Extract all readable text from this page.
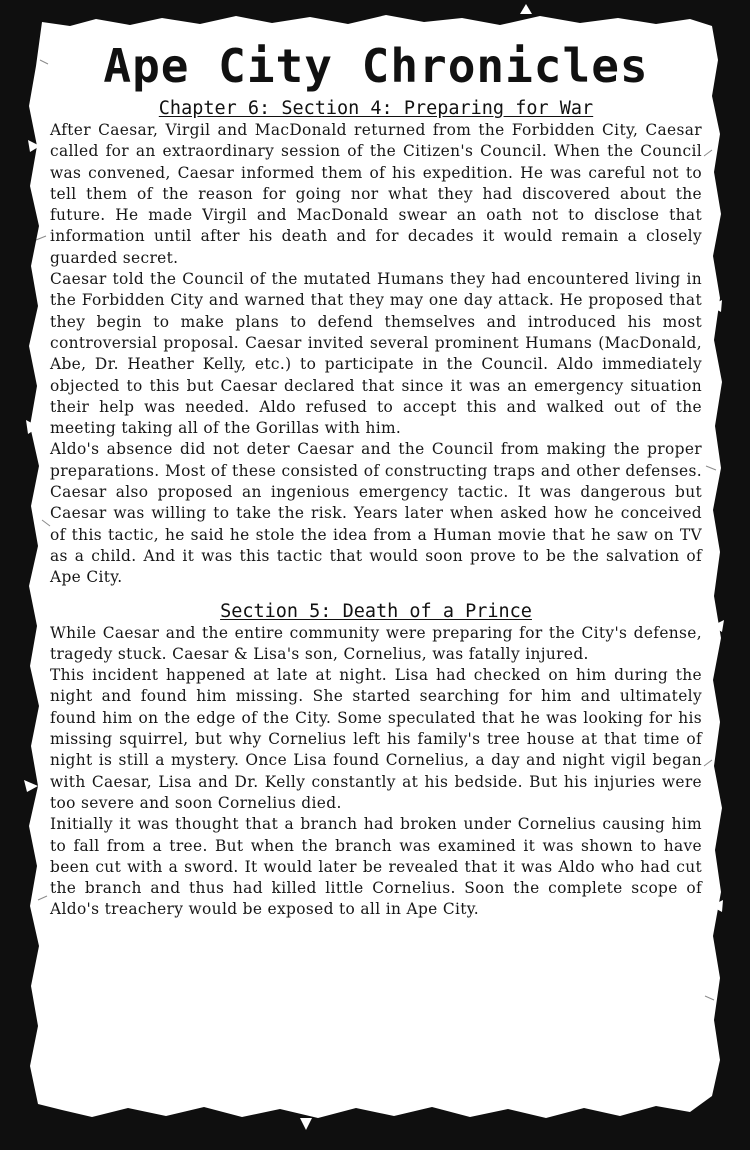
Ape City Chronicles
Chapter 6: Section 4: Preparing for War

After Caesar, Virgil and MacDonald returned from the Forbidden City, Caesar called for an extraordinary session of the Citizen's Council. When the Council was convened, Caesar informed them of his expedition. He was careful not to tell them of the reason for going nor what they had discovered about the future. He made Virgil and MacDonald swear an oath not to disclose that information until after his death and for decades it would remain a closely guarded secret.

Caesar told the Council of the mutated Humans they had encountered living in the Forbidden City and warned that they may one day attack. He proposed that they begin to make plans to defend themselves and introduced his most controversial proposal. Caesar invited several prominent Humans (MacDonald, Abe, Dr. Heather Kelly, etc.) to participate in the Council. Aldo immediately objected to this but Caesar declared that since it was an emergency situation their help was needed. Aldo refused to accept this and walked out of the meeting taking all of the Gorillas with him.

Aldo's absence did not deter Caesar and the Council from making the proper preparations. Most of these consisted of constructing traps and other defenses. Caesar also proposed an ingenious emergency tactic. It was dangerous but Caesar was willing to take the risk. Years later when asked how he conceived of this tactic, he said he stole the idea from a Human movie that he saw on TV as a child. And it was this tactic that would soon prove to be the salvation of Ape City.

Section 5: Death of a Prince

While Caesar and the entire community were preparing for the City's defense, tragedy stuck. Caesar & Lisa's son, Cornelius, was fatally injured.

This incident happened at late at night. Lisa had checked on him during the night and found him missing. She started searching for him and ultimately found him on the edge of the City. Some speculated that he was looking for his missing squirrel, but why Cornelius left his family's tree house at that time of night is still a mystery. Once Lisa found Cornelius, a day and night vigil began with Caesar, Lisa and Dr. Kelly constantly at his bedside. But his injuries were too severe and soon Cornelius died.

Initially it was thought that a branch had broken under Cornelius causing him to fall from a tree. But when the branch was examined it was shown to have been cut with a sword. It would later be revealed that it was Aldo who had cut the branch and thus had killed little Cornelius. Soon the complete scope of Aldo's treachery would be exposed to all in Ape City.
